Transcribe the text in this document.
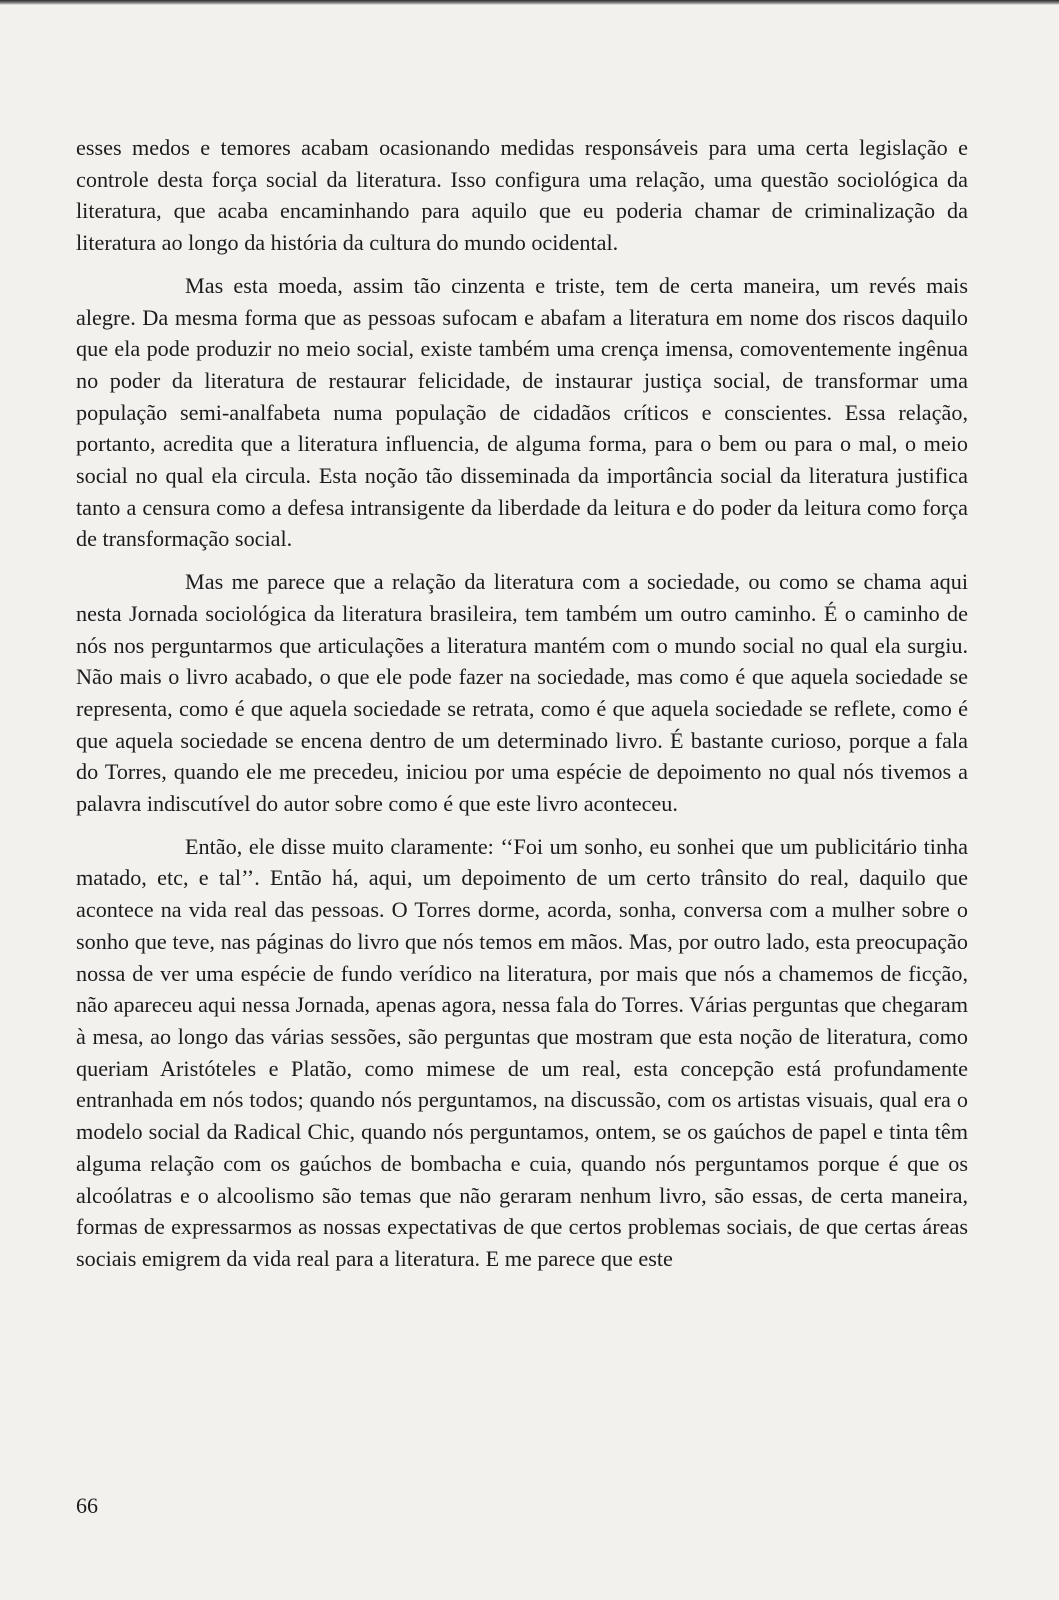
esses medos e temores acabam ocasionando medidas responsáveis para uma certa legislação e controle desta força social da literatura. Isso configura uma relação, uma questão sociológica da literatura, que acaba encaminhando para aquilo que eu poderia chamar de criminalização da literatura ao longo da história da cultura do mundo ocidental.

Mas esta moeda, assim tão cinzenta e triste, tem de certa maneira, um revés mais alegre. Da mesma forma que as pessoas sufocam e abafam a literatura em nome dos riscos daquilo que ela pode produzir no meio social, existe também uma crença imensa, comoventemente ingênua no poder da literatura de restaurar felicidade, de instaurar justiça social, de transformar uma população semi-analfabeta numa população de cidadãos críticos e conscientes. Essa relação, portanto, acredita que a literatura influencia, de alguma forma, para o bem ou para o mal, o meio social no qual ela circula. Esta noção tão disseminada da importância social da literatura justifica tanto a censura como a defesa intransigente da liberdade da leitura e do poder da leitura como força de transformação social.

Mas me parece que a relação da literatura com a sociedade, ou como se chama aqui nesta Jornada sociológica da literatura brasileira, tem também um outro caminho. É o caminho de nós nos perguntarmos que articulações a literatura mantém com o mundo social no qual ela surgiu. Não mais o livro acabado, o que ele pode fazer na sociedade, mas como é que aquela sociedade se representa, como é que aquela sociedade se retrata, como é que aquela sociedade se reflete, como é que aquela sociedade se encena dentro de um determinado livro. É bastante curioso, porque a fala do Torres, quando ele me precedeu, iniciou por uma espécie de depoimento no qual nós tivemos a palavra indiscutível do autor sobre como é que este livro aconteceu.

Então, ele disse muito claramente: ‘‘Foi um sonho, eu sonhei que um publicitário tinha matado, etc, e tal’’. Então há, aqui, um depoimento de um certo trânsito do real, daquilo que acontece na vida real das pessoas. O Torres dorme, acorda, sonha, conversa com a mulher sobre o sonho que teve, nas páginas do livro que nós temos em mãos. Mas, por outro lado, esta preocupação nossa de ver uma espécie de fundo verídico na literatura, por mais que nós a chamemos de ficção, não apareceu aqui nessa Jornada, apenas agora, nessa fala do Torres. Várias perguntas que chegaram à mesa, ao longo das várias sessões, são perguntas que mostram que esta noção de literatura, como queriam Aristóteles e Platão, como mimese de um real, esta concepção está profundamente entranhada em nós todos; quando nós perguntamos, na discussão, com os artistas visuais, qual era o modelo social da Radical Chic, quando nós perguntamos, ontem, se os gaúchos de papel e tinta têm alguma relação com os gaúchos de bombacha e cuia, quando nós perguntamos porque é que os alcoólatras e o alcoolismo são temas que não geraram nenhum livro, são essas, de certa maneira, formas de expressarmos as nossas expectativas de que certos problemas sociais, de que certas áreas sociais emigrem da vida real para a literatura. E me parece que este

66
